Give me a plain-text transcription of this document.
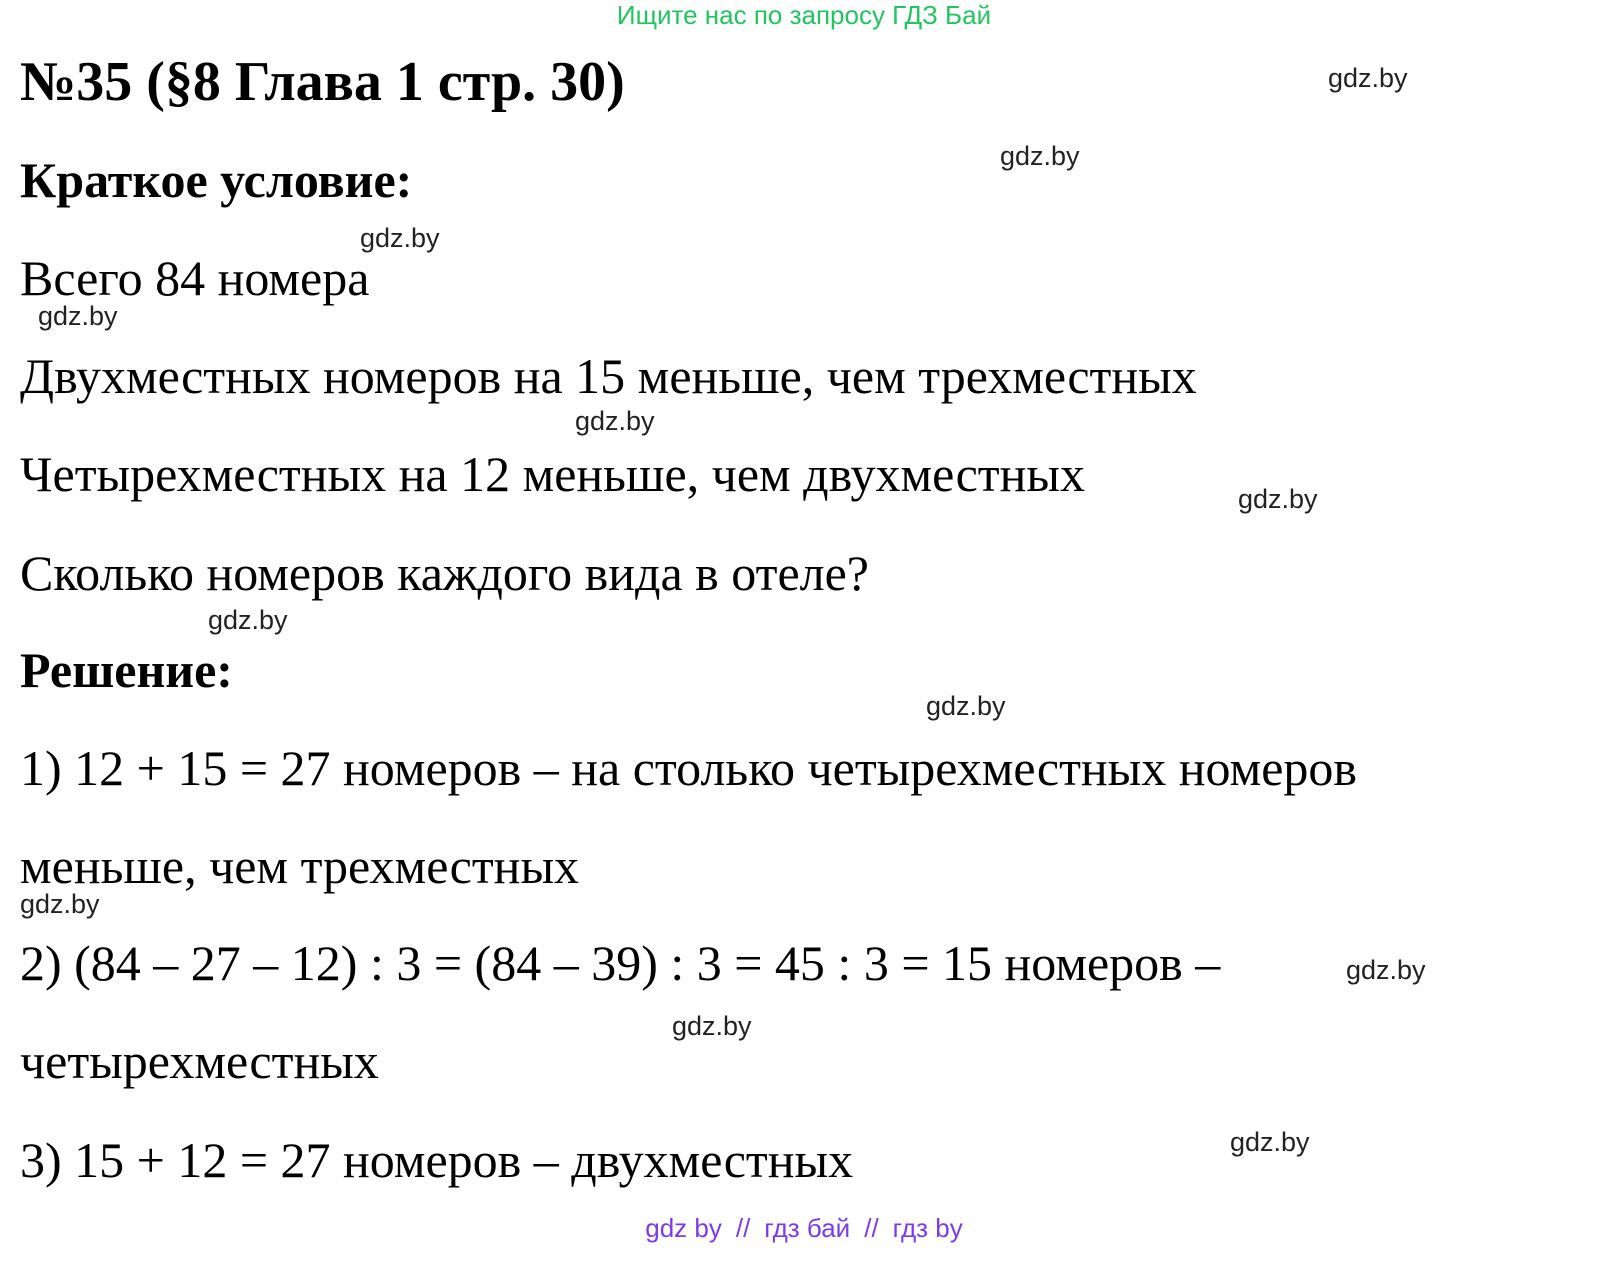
Ищите нас по запросу ГДЗ Бай
№35 (§8 Глава 1 стр. 30)
Краткое условие:
Всего 84 номера
Двухместных номеров на 15 меньше, чем трехместных
Четырехместных на 12 меньше, чем двухместных
Сколько номеров каждого вида в отеле?
Решение:
1) 12 + 15 = 27 номеров – на столько четырехместных номеров
меньше, чем трехместных
2) (84 – 27 – 12) : 3 = (84 – 39) : 3 = 45 : 3 = 15 номеров –
четырехместных
3) 15 + 12 = 27 номеров – двухместных
gdz.by
gdz.by
gdz.by
gdz.by
gdz.by
gdz.by
gdz.by
gdz.by
gdz.by
gdz.by
gdz.by
gdz.by
gdz by // гдз бай // гдз by
